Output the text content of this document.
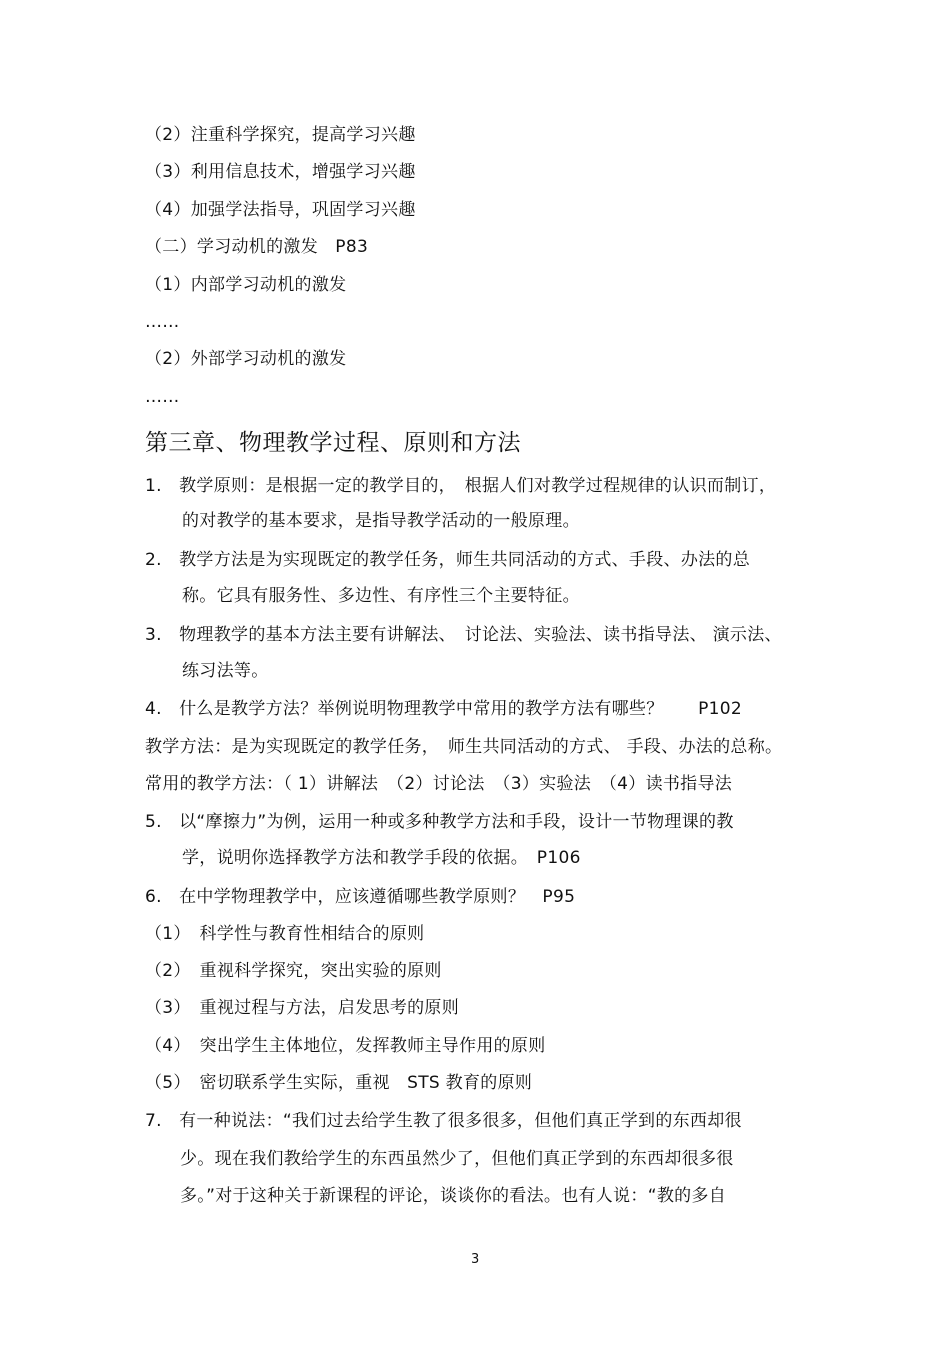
（2）注重科学探究，提高学习兴趣
（3）利用信息技术，增强学习兴趣
（4）加强学法指导，巩固学习兴趣
（二）学习动机的激发　P83
（1）内部学习动机的激发
……
（2）外部学习动机的激发
……
第三章、物理教学过程、原则和方法
1.　教学原则：是根据一定的教学目的，　根据人们对教学过程规律的认识而制订，
的对教学的基本要求，是指导教学活动的一般原理。
2.　教学方法是为实现既定的教学任务，师生共同活动的方式、手段、办法的总
称。它具有服务性、多边性、有序性三个主要特征。
3.　物理教学的基本方法主要有讲解法、　讨论法、实验法、读书指导法、 演示法、
练习法等。
4.　什么是教学方法？举例说明物理教学中常用的教学方法有哪些？　　P102
教学方法：是为实现既定的教学任务，　师生共同活动的方式、 手段、办法的总称。
常用的教学方法：（ 1）讲解法　（2）讨论法　（3）实验法　（4）读书指导法
5.　以“摩擦力”为例，运用一种或多种教学方法和手段，设计一节物理课的教
学，说明你选择教学方法和教学手段的依据。　P106
6.　在中学物理教学中，应该遵循哪些教学原则？　P95
（1）　科学性与教育性相结合的原则
（2）　重视科学探究，突出实验的原则
（3）　重视过程与方法，启发思考的原则
（4）　突出学生主体地位，发挥教师主导作用的原则
（5）　密切联系学生实际，重视　STS 教育的原则
7.　有一种说法：“我们过去给学生教了很多很多，但他们真正学到的东西却很
少。现在我们教给学生的东西虽然少了，但他们真正学到的东西却很多很
多。”对于这种关于新课程的评论，谈谈你的看法。也有人说：“教的多自
3
